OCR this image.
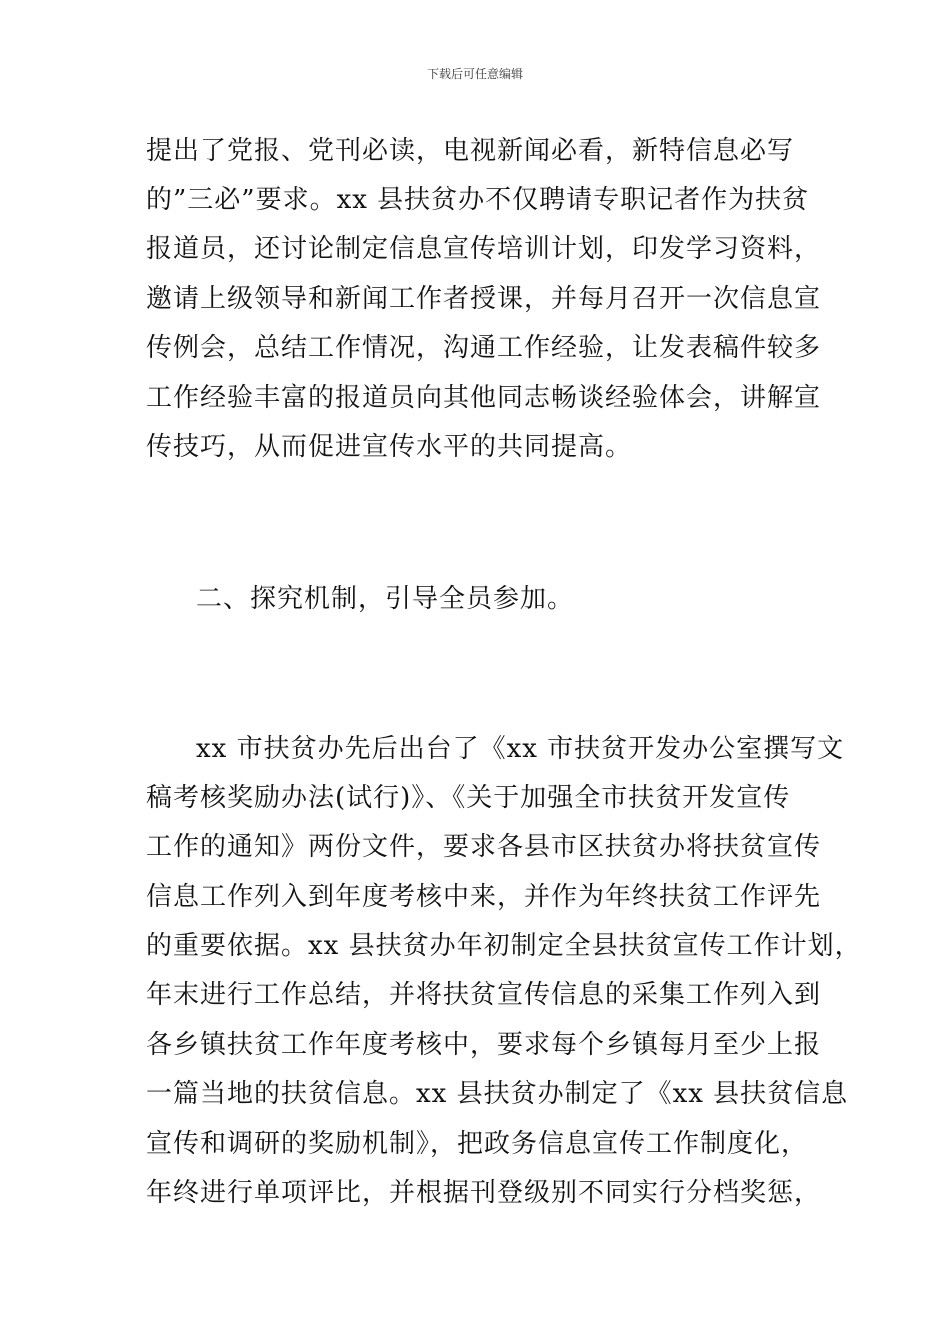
下载后可任意编辑
提出了党报、党刊必读，电视新闻必看，新特信息必写
的”三必”要求。xx 县扶贫办不仅聘请专职记者作为扶贫
报道员，还讨论制定信息宣传培训计划，印发学习资料，
邀请上级领导和新闻工作者授课，并每月召开一次信息宣
传例会，总结工作情况，沟通工作经验，让发表稿件较多
工作经验丰富的报道员向其他同志畅谈经验体会，讲解宣
传技巧，从而促进宣传水平的共同提高。
二、探究机制，引导全员参加。
xx 市扶贫办先后出台了《xx 市扶贫开发办公室撰写文
稿考核奖励办法(试行)》、《关于加强全市扶贫开发宣传
工作的通知》两份文件，要求各县市区扶贫办将扶贫宣传
信息工作列入到年度考核中来，并作为年终扶贫工作评先
的重要依据。xx 县扶贫办年初制定全县扶贫宣传工作计划，
年末进行工作总结，并将扶贫宣传信息的采集工作列入到
各乡镇扶贫工作年度考核中，要求每个乡镇每月至少上报
一篇当地的扶贫信息。xx 县扶贫办制定了《xx 县扶贫信息
宣传和调研的奖励机制》，把政务信息宣传工作制度化，
年终进行单项评比，并根据刊登级别不同实行分档奖惩，
